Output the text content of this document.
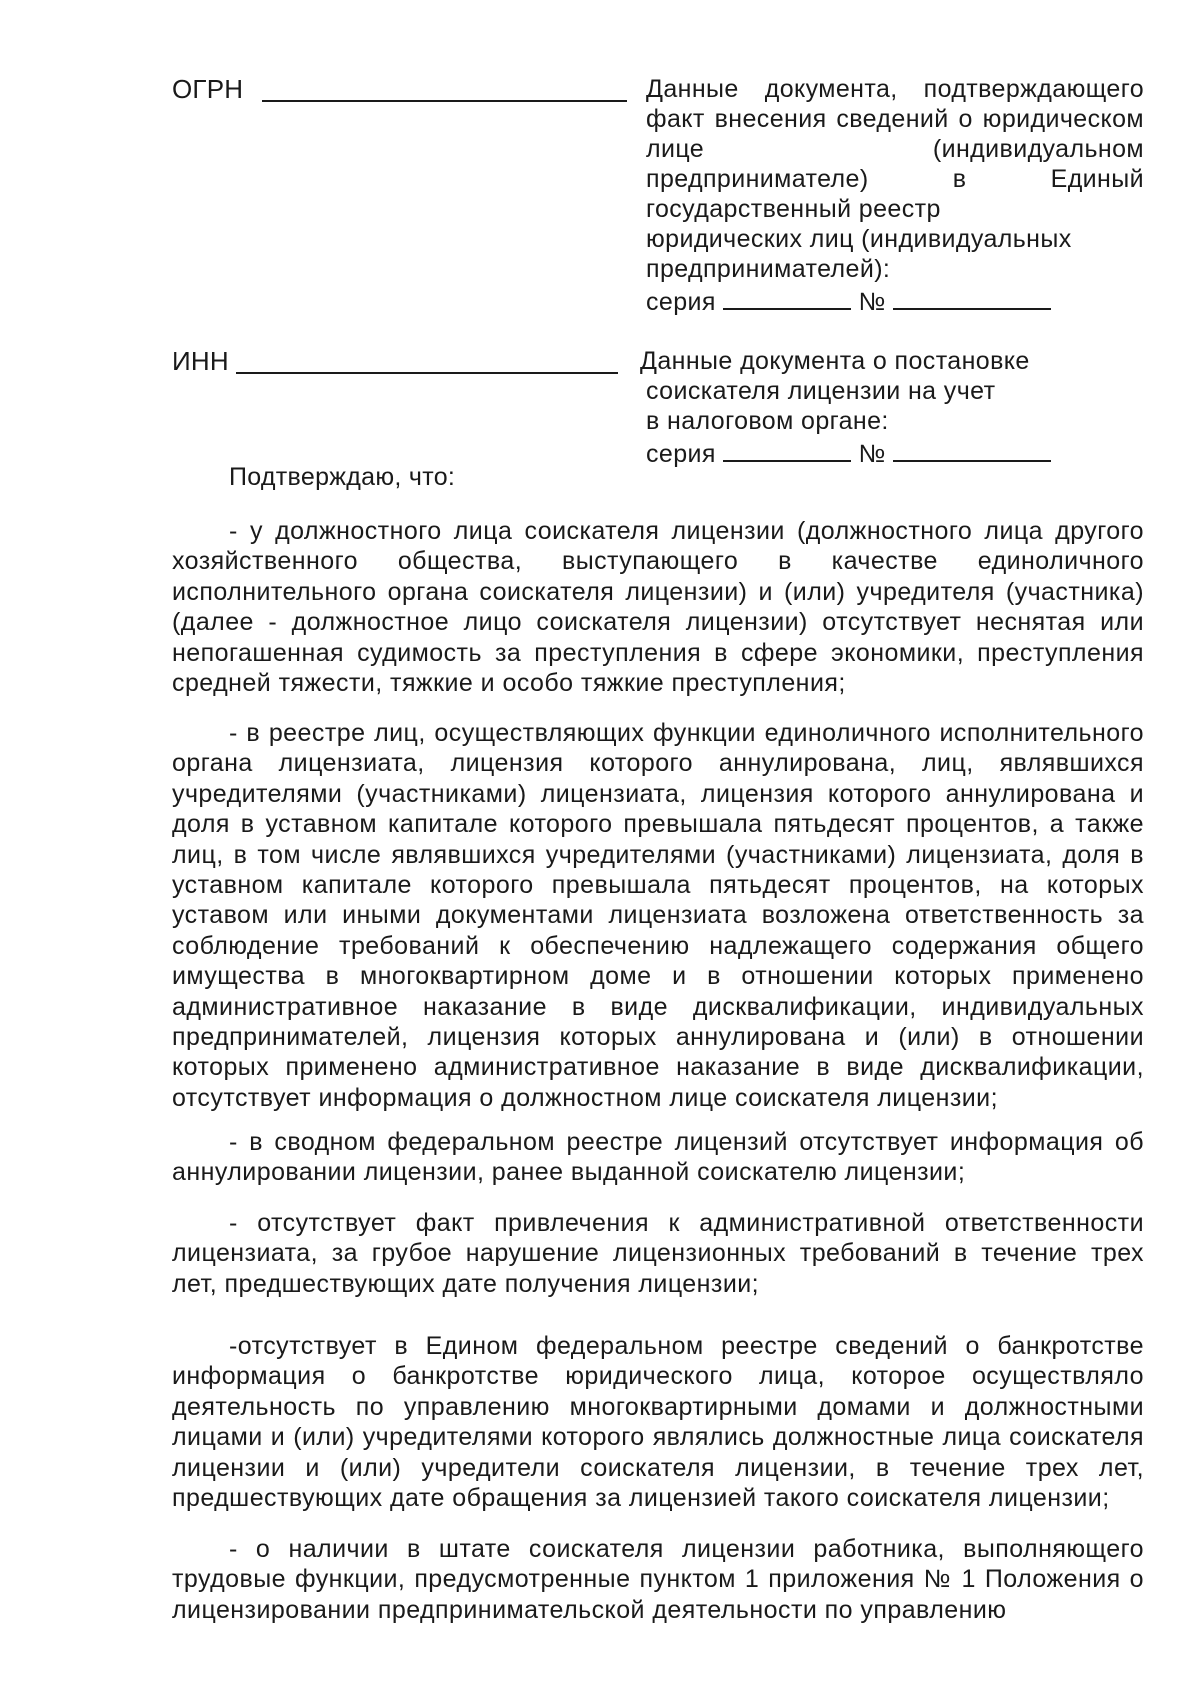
ОГРН	Данные документа, подтверждающего
факт внесения сведений о юридическом
лице (индивидуальном
предпринимателе) в Единый
государственный реестр
юридических лиц (индивидуальных
предпринимателей):
серия	№
ИНН	Данные документа о постановке
соискателя лицензии на учет
в налоговом органе:
серия	№
Подтверждаю, что:

- у должностного лица соискателя лицензии (должностного лица другого хозяйственного общества, выступающего в качестве единоличного исполнительного органа соискателя лицензии) и (или) учредителя (участника) (далее - должностное лицо соискателя лицензии) отсутствует неснятая или непогашенная судимость за преступления в сфере экономики, преступления средней тяжести, тяжкие и особо тяжкие преступления;

- в реестре лиц, осуществляющих функции единоличного исполнительного органа лицензиата, лицензия которого аннулирована, лиц, являвшихся учредителями (участниками) лицензиата, лицензия которого аннулирована и доля в уставном капитале которого превышала пятьдесят процентов, а также лиц, в том числе являвшихся учредителями (участниками) лицензиата, доля в уставном капитале которого превышала пятьдесят процентов, на которых уставом или иными документами лицензиата возложена ответственность за соблюдение требований к обеспечению надлежащего содержания общего имущества в многоквартирном доме и в отношении которых применено административное наказание в виде дисквалификации, индивидуальных предпринимателей, лицензия которых аннулирована и (или) в отношении которых применено административное наказание в виде дисквалификации, отсутствует информация о должностном лице соискателя лицензии;

- в сводном федеральном реестре лицензий отсутствует информация об аннулировании лицензии, ранее выданной соискателю лицензии;

- отсутствует факт привлечения к административной ответственности лицензиата, за грубое нарушение лицензионных требований в течение трех лет, предшествующих дате получения лицензии;

-отсутствует в Едином федеральном реестре сведений о банкротстве информация о банкротстве юридического лица, которое осуществляло деятельность по управлению многоквартирными домами и должностными лицами и (или) учредителями которого являлись должностные лица соискателя лицензии и (или) учредители соискателя лицензии, в течение трех лет, предшествующих дате обращения за лицензией такого соискателя лицензии;

- о наличии в штате соискателя лицензии работника, выполняющего трудовые функции, предусмотренные пунктом 1 приложения № 1 Положения о лицензировании предпринимательской деятельности по управлению
